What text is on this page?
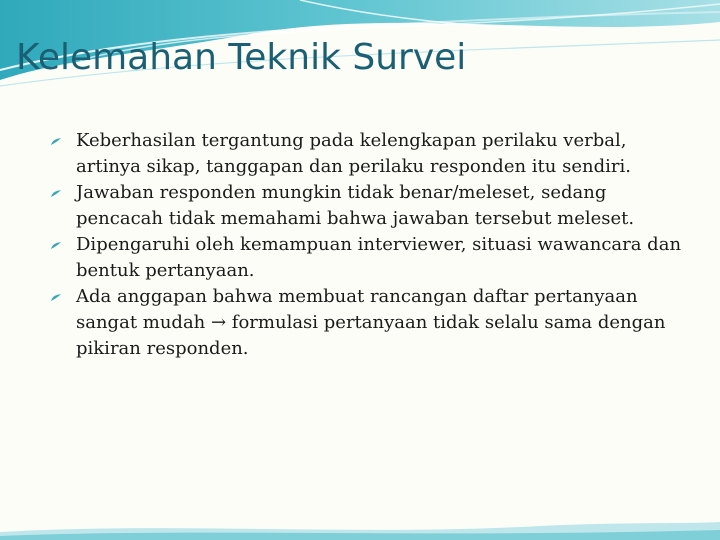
Kelemahan Teknik Survei

Keberhasilan tergantung pada kelengkapan perilaku verbal, artinya sikap, tanggapan dan perilaku responden itu sendiri.

Jawaban responden mungkin tidak benar/meleset, sedang pencacah tidak memahami bahwa jawaban tersebut meleset.

Dipengaruhi oleh kemampuan interviewer, situasi wawancara dan bentuk pertanyaan.

Ada anggapan bahwa membuat rancangan daftar pertanyaan sangat mudah → formulasi pertanyaan tidak selalu sama dengan pikiran responden.
